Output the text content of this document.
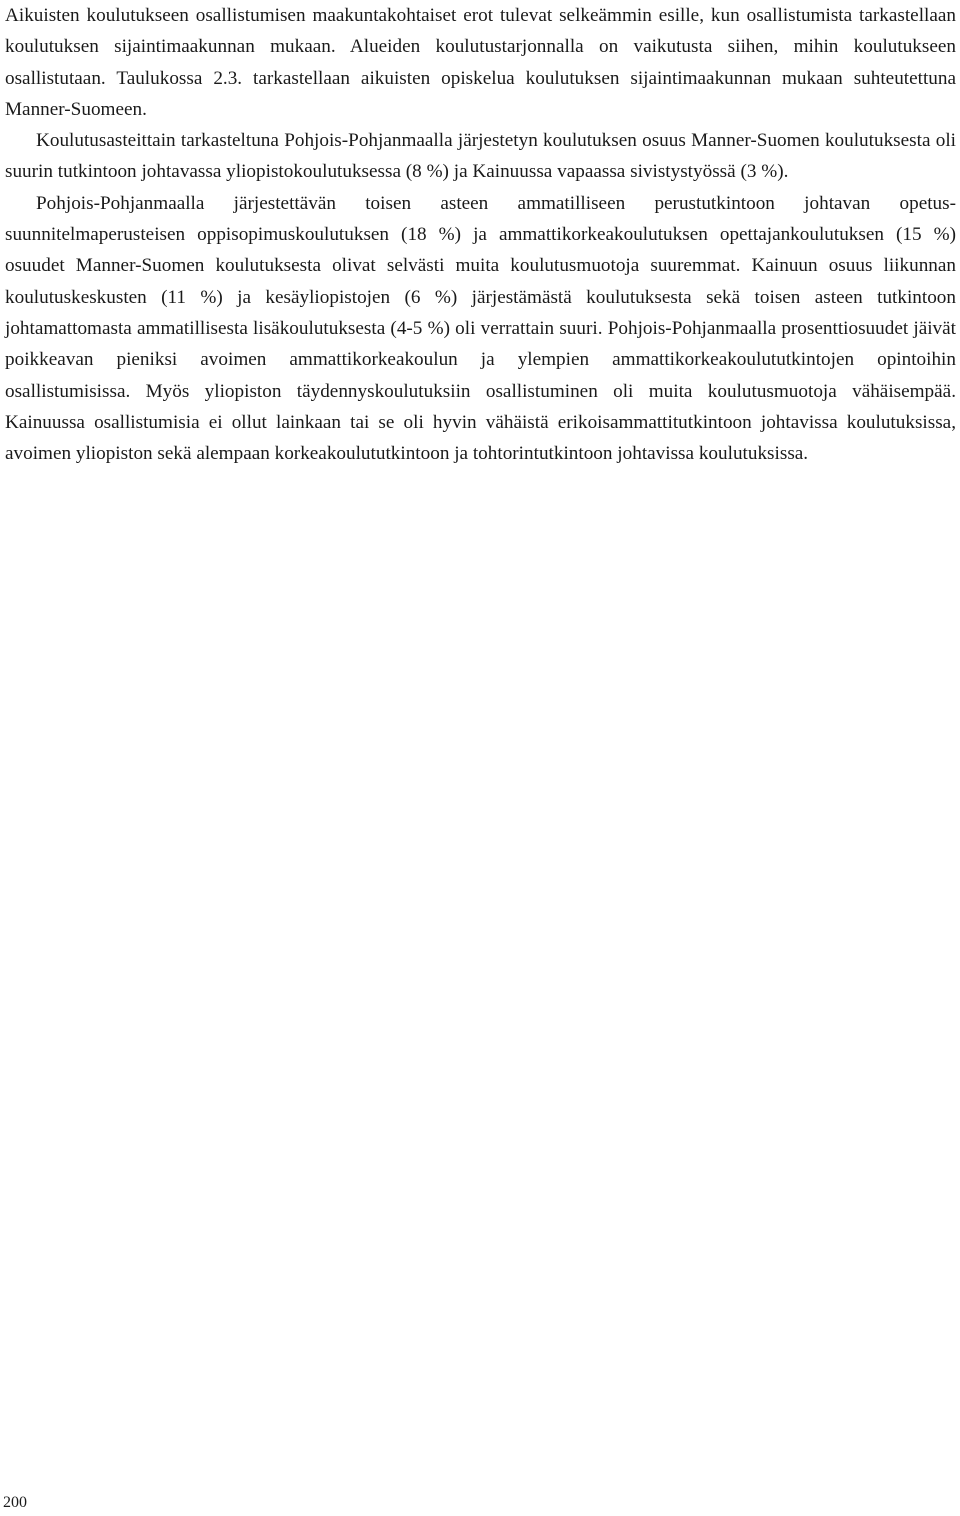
Aikuisten koulutukseen osallistumisen maakuntakohtaiset erot tulevat selkeämmin esille, kun osallistumista tarkastellaan koulutuksen sijaintimaakunnan mukaan. Alueiden koulutustarjonnalla on vaikutusta siihen, mihin koulutukseen osallistutaan. Taulukossa 2.3. tarkastellaan aikuisten opiskelua koulutuksen sijaintimaakunnan mukaan suhteutettuna Manner-Suomeen.

Koulutusasteittain tarkasteltuna Pohjois-Pohjanmaalla järjestetyn koulutuksen osuus Manner-Suomen koulutuksesta oli suurin tutkintoon johtavassa yliopistokoulutuksessa (8 %) ja Kainuussa vapaassa sivistystyössä (3 %).

Pohjois-Pohjanmaalla järjestettävän toisen asteen ammatilliseen perustutkintoon johtavan opetussuunnitelmaperusteisen oppisopimuskoulutuksen (18 %) ja ammattikorkeakoulutuksen opettajankoulutuksen (15 %) osuudet Manner-Suomen koulutuksesta olivat selvästi muita koulutusmuotoja suuremmat. Kainuun osuus liikunnan koulutuskeskusten (11 %) ja kesäyliopistojen (6 %) järjestämästä koulutuksesta sekä toisen asteen tutkintoon johtamattomasta ammatillisesta lisäkoulutuksesta (4-5 %) oli verrattain suuri. Pohjois-Pohjanmaalla prosenttiosuudet jäivät poikkeavan pieniksi avoimen ammattikorkeakoulun ja ylempien ammattikorkeakoulututkintojen opintoihin osallistumisissa. Myös yliopiston täydennyskoulutuksiin osallistuminen oli muita koulutusmuotoja vähäisempää. Kainuussa osallistumisia ei ollut lainkaan tai se oli hyvin vähäistä erikoisammattitutkintoon johtavissa koulutuksissa, avoimen yliopiston sekä alempaan korkeakoulututkintoon ja tohtorintutkintoon johtavissa koulutuksissa.

200
